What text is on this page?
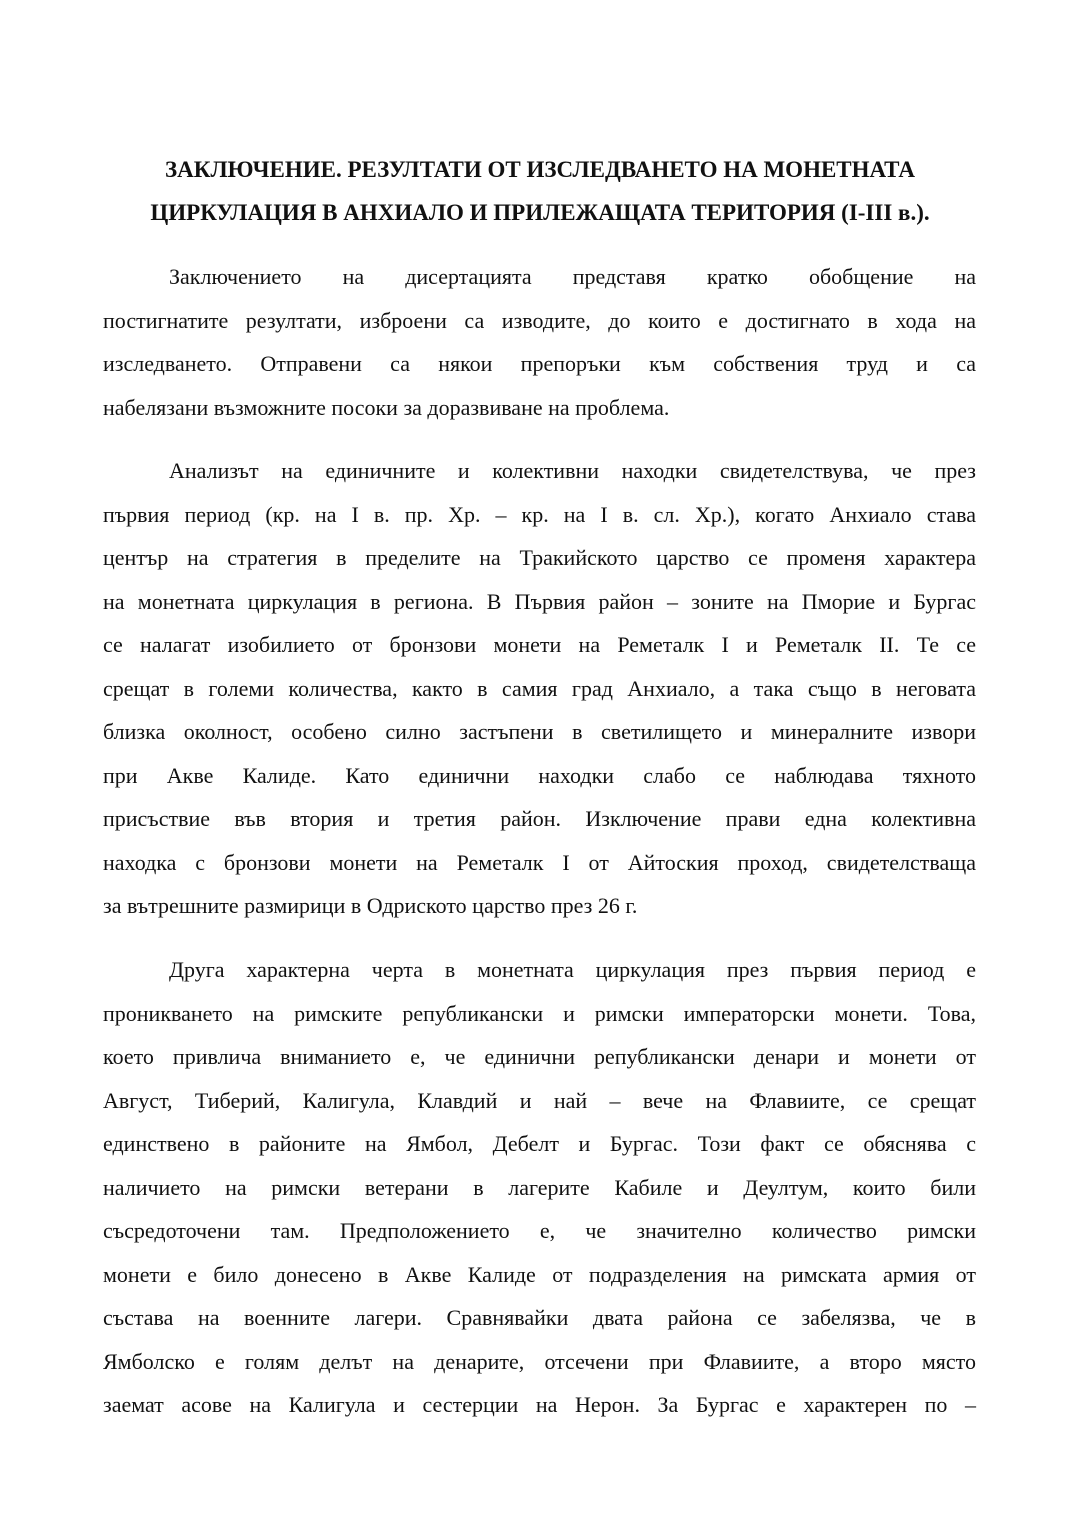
ЗАКЛЮЧЕНИЕ. РЕЗУЛТАТИ ОТ ИЗСЛЕДВАНЕТО НА МОНЕТНАТА
ЦИРКУЛАЦИЯ В АНХИАЛО И ПРИЛЕЖАЩАТА ТЕРИТОРИЯ (I-III в.).
Заключението на дисертацията представя кратко обобщение на
постигнатите резултати, изброени са изводите, до които е достигнато в хода на
изследването. Отправени са някои препоръки към собствения труд и са
набелязани възможните посоки за доразвиване на проблема.
Анализът на единичните и колективни находки свидетелствува, че през
първия период (кр. на I в. пр. Хр. – кр. на I в. сл. Хр.), когато Анхиало става
център на стратегия в пределите на Тракийското царство се променя характера
на монетната циркулация в региона. В Първия район – зоните на Пморие и Бургас
се налагат изобилието от бронзови монети на Реметалк I и Реметалк II. Те се
срещат в големи количества, както в самия град Анхиало, а така също в неговата
близка околност, особено силно застъпени в светилището и минералните извори
при Акве Калиде. Като единични находки слабо се наблюдава тяхното
присъствие във втория и третия район. Изключение прави една колективна
находка с бронзови монети на Реметалк I от Айтоския проход, свидетелстваща
за вътрешните размирици в Одриското царство през 26 г.
Друга характерна черта в монетната циркулация през първия период е
проникването на римските републикански и римски императорски монети. Това,
което привлича вниманието е, че единични републикански денари и монети от
Август, Тиберий, Калигула, Клавдий и най – вече на Флавиите, се срещат
единствено в районите на Ямбол, Дебелт и Бургас. Този факт се обяснява с
наличието на римски ветерани в лагерите Кабиле и Деултум, които били
съсредоточени там. Предположението е, че значително количество римски
монети е било донесено в Акве Калиде от подразделения на римската армия от
състава на военните лагери. Сравнявайки двата района се забелязва, че в
Ямболско е голям делът на денарите, отсечени при Флавиите, а второ място
заемат асове на Калигула и сестерции на Нерон. За Бургас е характерен по –
